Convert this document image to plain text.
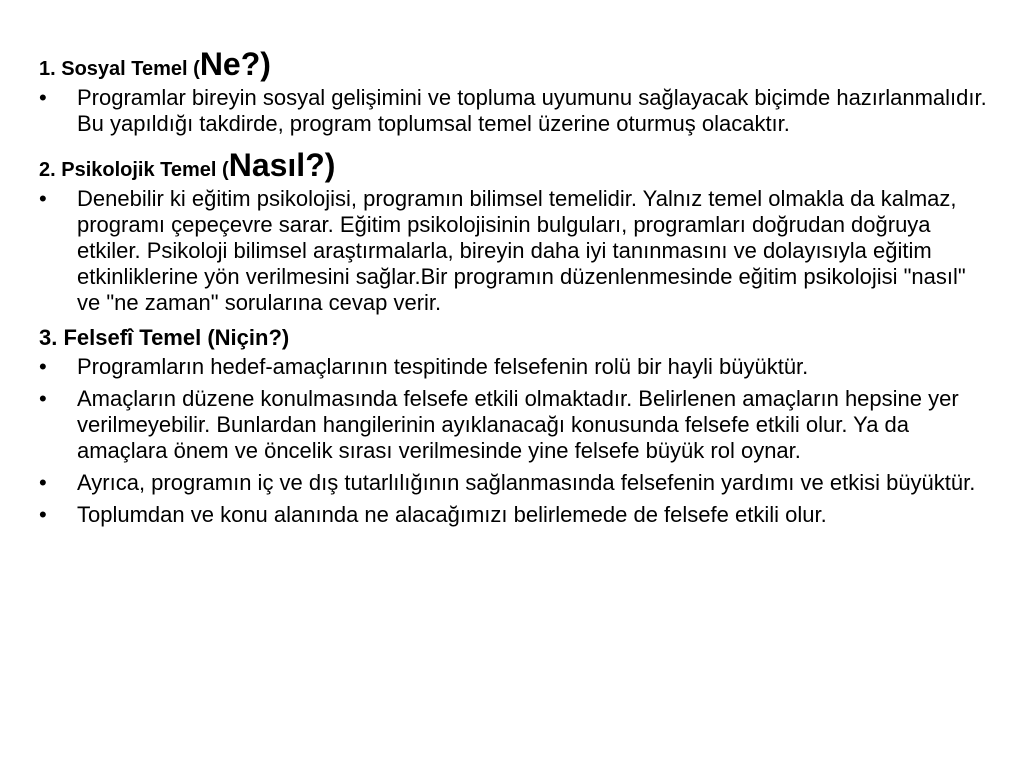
1. Sosyal Temel (Ne?)
• Programlar bireyin sosyal gelişimini ve topluma uyumunu sağlayacak biçimde hazırlanmalıdır. Bu yapıldığı takdirde, program toplumsal temel üzerine oturmuş olacaktır.
2. Psikolojik Temel (Nasıl?)
• Denebilir ki eğitim psikolojisi, programın bilimsel temelidir. Yalnız temel olmakla da kalmaz, programı çepeçevre sarar. Eğitim psikolojisinin bulguları, programları doğrudan doğruya etkiler. Psikoloji bilimsel araştırmalarla, bireyin daha iyi tanınmasını ve dolayısıyla eğitim etkinliklerine yön verilmesini sağlar.Bir programın düzenlenmesinde eğitim psikolojisi "nasıl" ve "ne zaman" sorularına cevap verir.
3. Felsefî Temel (Niçin?)
• Programların hedef-amaçlarının tespitinde felsefenin rolü bir hayli büyüktür.
• Amaçların düzene konulmasında felsefe etkili olmaktadır. Belirlenen amaçların hepsine yer verilmeyebilir. Bunlardan hangilerinin ayıklanacağı konusunda felsefe etkili olur. Ya da amaçlara önem ve öncelik sırası verilmesinde yine felsefe büyük rol oynar.
• Ayrıca, programın iç ve dış tutarlılığının sağlanmasında felsefenin yardımı ve etkisi büyüktür.
• Toplumdan ve konu alanında ne alacağımızı belirlemede de felsefe etkili olur.
